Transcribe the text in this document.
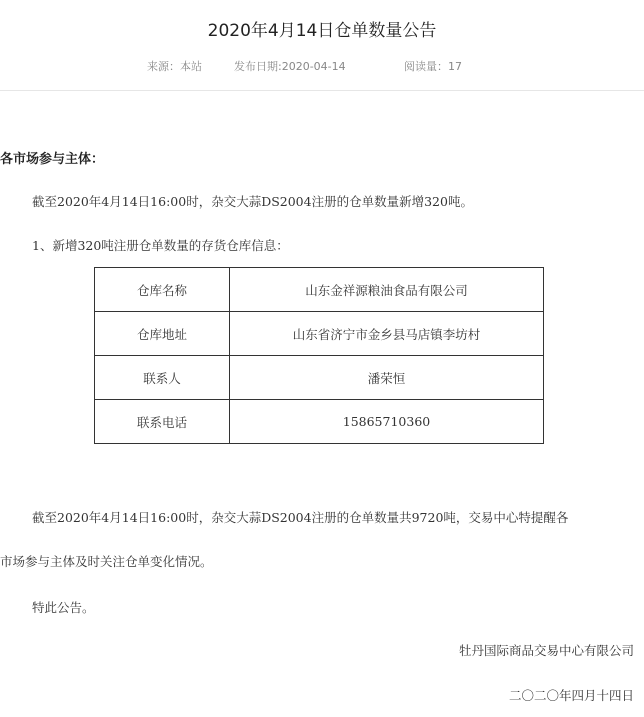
2020年4月14日仓单数量公告
来源：本站	发布日期:2020-04-14	阅读量：17
各市场参与主体：
截至2020年4月14日16:00时，杂交大蒜DS2004注册的仓单数量新增320吨。
1、新增320吨注册仓单数量的存货仓库信息：
仓库名称	山东金祥源粮油食品有限公司
仓库地址	山东省济宁市金乡县马店镇李坊村
联系人	潘荣恒
联系电话	15865710360
截至2020年4月14日16:00时，杂交大蒜DS2004注册的仓单数量共9720吨，交易中心特提醒各
市场参与主体及时关注仓单变化情况。
特此公告。
牡丹国际商品交易中心有限公司
二〇二〇年四月十四日
